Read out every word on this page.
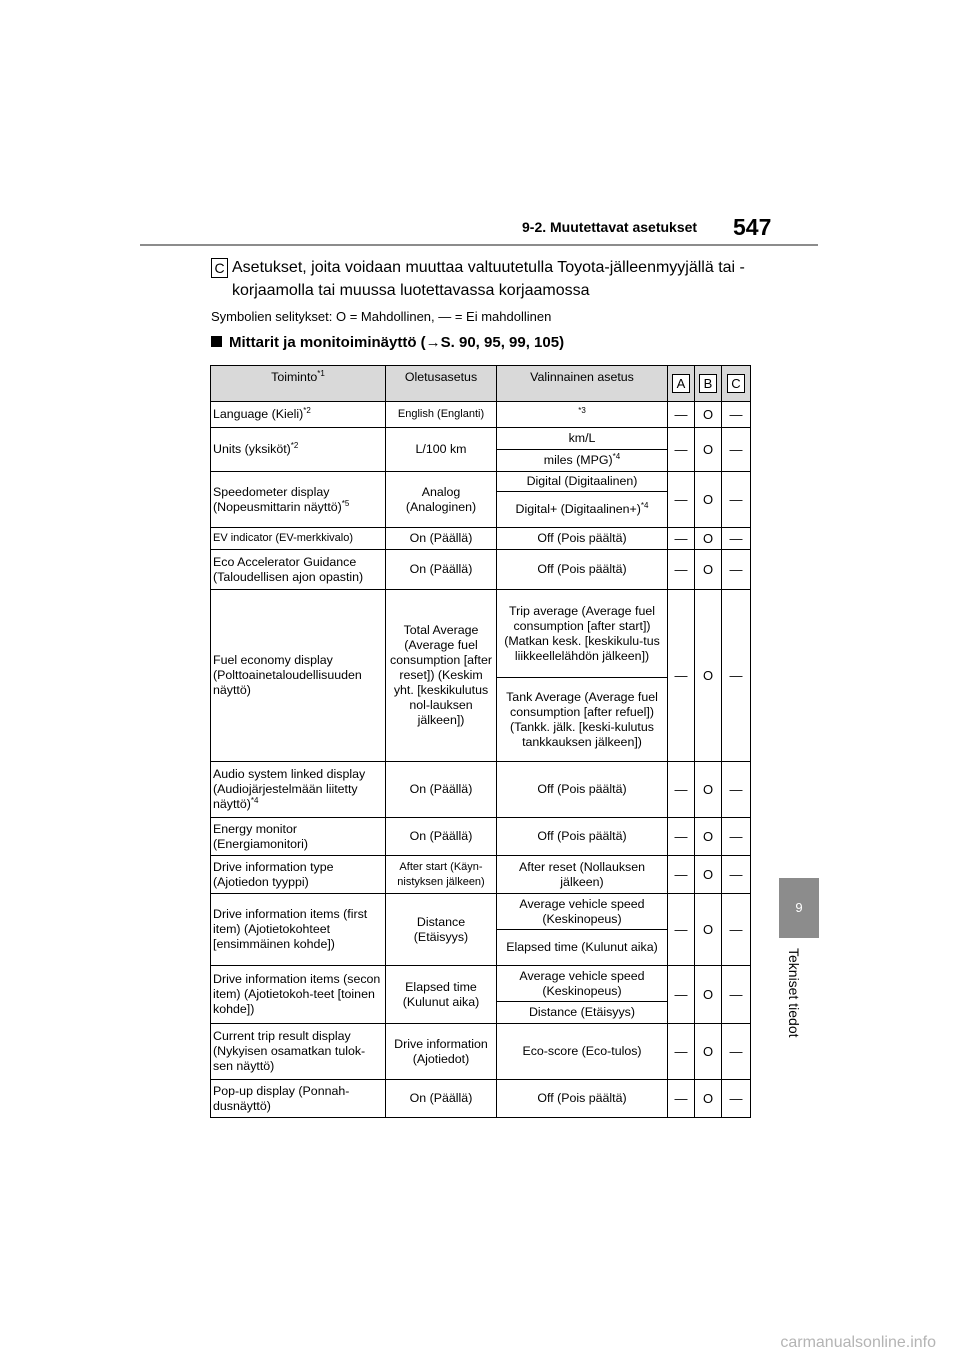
9-2. Muutettavat asetukset 547
C Asetukset, joita voidaan muuttaa valtuutetulla Toyota-jälleenmyyjällä tai -korjaamolla tai muussa luotettavassa korjaamossa
Symbolien selitykset: O = Mahdollinen, — = Ei mahdollinen
Mittarit ja monitoiminäyttö (→S. 90, 95, 99, 105)
Toiminto$^{*1}$	Oletusasetus	Valinnainen asetus	A	B	C
Language (Kieli)$^{*2}$	English (Englanti)	$^{*3}$	—	O	—
Units (yksiköt)$^{*2}$	L/100 km	km/L	—	O	—
		miles (MPG)$^{*4}$
Speedometer display (Nopeusmittarin näyttö)$^{*5}$	Analog (Analoginen)	Digital (Digitaalinen)	—	O	—
		Digital+ (Digitaalinen+)$^{*4}$
EV indicator (EV-merkkivalo)	On (Päällä)	Off (Pois päältä)	—	O	—
Eco Accelerator Guidance (Taloudellisen ajon opastin)	On (Päällä)	Off (Pois päältä)	—	O	—
Fuel economy display (Polttoainetaloudellisuuden näyttö)	Total Average (Average fuel consumption [after reset]) (Keskim yht. [keskikulutus nol-lauksen jälkeen])	Trip average (Average fuel consumption [after start]) (Matkan kesk. [keskikulu-tus liikkeellelähdön jälkeen])	—	O	—
		Tank Average (Average fuel consumption [after refuel]) (Tankk. jälk. [keski-kulutus tankkauksen jälkeen])			
Audio system linked display (Audiojärjestelmään liitetty näyttö)$^{*4}$	On (Päällä)	Off (Pois päältä)	—	O	—
Energy monitor (Energiamonitori)	On (Päällä)	Off (Pois päältä)	—	O	—
Drive information type (Ajotiedon tyyppi)	After start (Käyn-nistyksen jälkeen)	After reset (Nollauksen jälkeen)	—	O	—
Drive information items (first item) (Ajotietokohteet [ensimmäinen kohde])	Distance (Etäisyys)	Average vehicle speed (Keskinopeus)	—	O	—
		Elapsed time (Kulunut aika)			
Drive information items (secon item) (Ajotietokoh-teet [toinen kohde])	Elapsed time (Kulunut aika)	Average vehicle speed (Keskinopeus)	—	O	—
		Distance (Etäisyys)			
Current trip result display (Nykyisen osamatkan tulok-sen näyttö)	Drive information (Ajotiedot)	Eco-score (Eco-tulos)	—	O	—
Pop-up display (Ponnah-dusnäyttö)	On (Päällä)	Off (Pois päältä)	—	O	—
9
Tekniset tiedot
carmanualsonline.info
